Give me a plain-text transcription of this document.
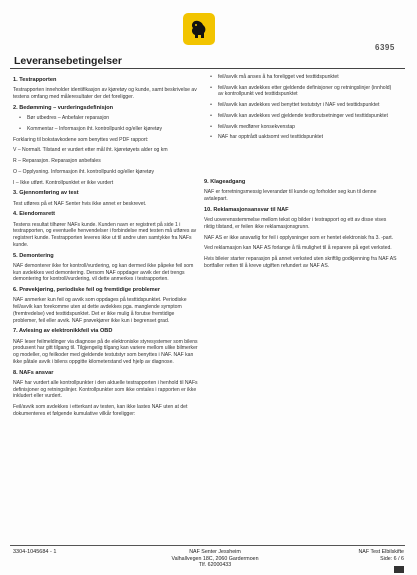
6395
Leveransebetingelser
1. Testrapporten

Testrapporten inneholder identifikasjon av kjøretøy og kunde, samt beskrivelse av testens omfang med måleresultater der det foreligger.

2. Bedømming – vurderingsdefinisjon
•	Bør utbedres – Anbefaler reparasjon
•	Kommentar – Informasjon iht. kontrollpunkt og/eller kjøretøy

Forklaring til bokstavkodene som benyttes ved PDF rapport:

V – Normalt. Tilstand er vurdert etter mål iht. kjøretøyets alder og km

R – Reparasjon. Reparasjon anbefales

O – Opplysning. Informasjon iht. kontrollpunkt og/eller kjøretøy

I – Ikke utført. Kontrollpunktet er ikke vurdert

3. Gjennomføring av test

Test utføres på et NAF Senter hvis ikke annet er beskrevet.

4. Eiendomsrett

Testens resultat tilhører NAFs kunde. Kunden navn er registrert på side 1 i testrapporten, og eventuelle henvendelser i forbindelse med testen må utføres av registrert kunde. Testrapporten leveres ikke ut til andre uten samtykke fra NAFs kunde.

5. Demontering

NAF demonterer ikke for kontroll/vurdering, og kan dermed ikke påpeke feil som kun avdekkes ved demontering. Dersom NAF oppdager avvik der det trengs demontering for kontroll/vurdering, vil dette anmerkes i testrapporten.

6. Prøvekjøring, periodiske feil og fremtidige problemer

NAF anmerker kun feil og avvik som oppdages på testtidspunktet. Periodiske feil/avvik kan forekomme uten at dette avdekkes pga. manglende symptom (fremtredelse) ved testtidspunktet. Det er ikke mulig å forutse fremtidige problemer, feil eller avvik. NAF prøvekjører ikke kun i begrenset grad.

7. Avlesing av elektronikkfeil via OBD

NAF leser feilmeldinger via diagnose på de elektroniske styresystemer som bilens produsent har gitt tilgang til. Tilgjengelig tilgang kan variere mellom ulike bilmerker og modeller, og feilkoder med gjeldende testutstyr som benyttes i NAF. NAF kan ikke påtale avvik i bilens oppgitte kilometerstand ved hjelp av diagnose.

8. NAFs ansvar

NAF har vurdert alle kontrollpunkter i den aktuelle testrapporten i henhold til NAFs definisjoner og retningslinjer. Kontrollpunkter som ikke omtales i rapporten er ikke inkludert eller vurdert.

Feil/avvik som avdekkes i etterkant av testen, kan ikke lastes NAF uten at det dokumenteres et følgende kumulative vilkår foreligger:

•	feil/avvik må anses å ha foreligget ved testtidspunktet
•	feil/avvik kan avdekkes etter gjeldende definisjoner og retningslinjer (innhold) av kontrollpunkt ved testtidspunktet
•	feil/avvik kan avdekkes ved benyttet testutstyr i NAF ved testtidspunktet
•	feil/avvik kan avdekkes ved gjeldende testforutsetninger ved testtidspunktet
•	feil/avvik medfører konsekvenstap
•	NAF har opptrådt uaktsomt ved testtidspunktet
9. Klageadgang

NAF er forretningsmessig leverandør til kunde og forholder seg kun til denne avtalepart.

10. Reklamasjonsansvar til NAF

Ved uoverensstemmelse mellom tekst og bilder i testrapport og ett av disse vises riktig tilstand, er feilen ikke reklamasjonsgrunn.

NAF AS er ikke ansvarlig for feil i opplysninger som er hentet elektronisk fra 3. -part.

Ved reklamasjon kan NAF AS forlange å få mulighet til å reparere på eget verksted.

Hvis bileier starter reparasjon på annet verksted uten skriftlig godkjenning fra NAF AS bortfaller retten til å kreve utgiften refundert av NAF AS.

3304-1045684 - 1	NAF Senter Jessheim
Valhallvegen 18C, 2060 Gardermoen
Tlf. 62000433
NAF Test Elbilskifte
Side: 6 / 6
